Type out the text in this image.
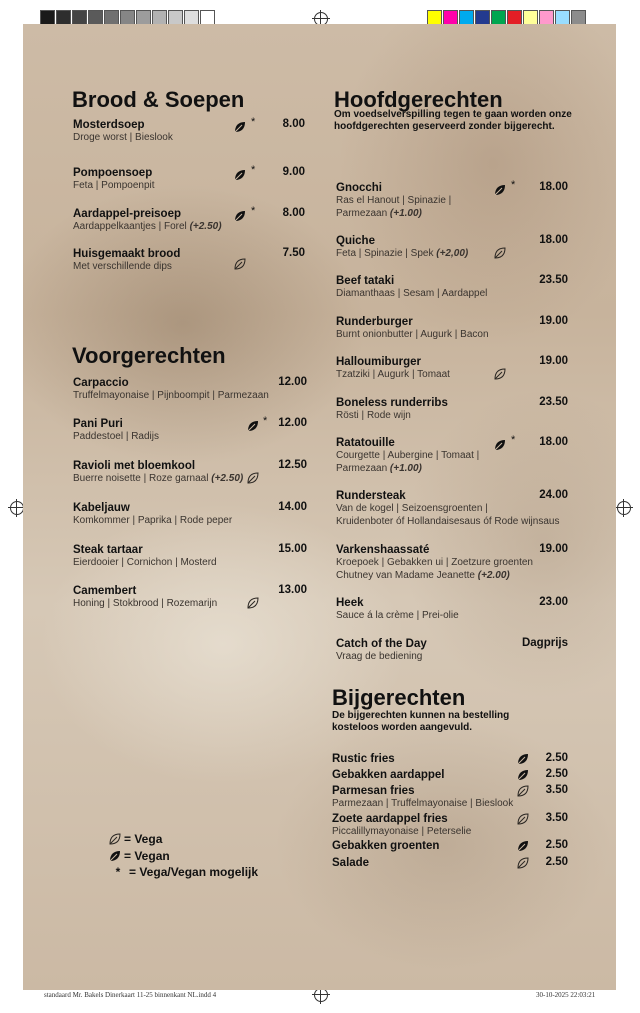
standaard Mr. Bakels Dinerkaart 11-25 binnenkant NL.indd 4	30-10-2025 22:03:21
Brood & Soepen
Mosterdsoep
Droge worst | Bieslook
8.00
*
Pompoensoep
Feta | Pompoenpit
9.00
*
Aardappel-preisoep
Aardappelkaantjes | Forel (+2.50)
8.00
*
Huisgemaakt brood
Met verschillende dips
7.50
Voorgerechten
Carpaccio
Truffelmayonaise | Pijnboompit | Parmezaan
12.00
Pani Puri
Paddestoel | Radijs
12.00
*
Ravioli met bloemkool
Buerre noisette | Roze garnaal (+2.50)
12.50
Kabeljauw
Komkommer | Paprika | Rode peper
14.00
Steak tartaar
Eierdooier | Cornichon | Mosterd
15.00
Camembert
Honing | Stokbrood | Rozemarijn
13.00
Hoofdgerechten
Om voedselverspilling tegen te gaan worden onze
hoofdgerechten geserveerd zonder bijgerecht.
Gnocchi
Ras el Hanout | Spinazie |
Parmezaan (+1.00)
18.00
*
Quiche
Feta | Spinazie | Spek (+2,00)
18.00
Beef tataki
Diamanthaas | Sesam | Aardappel
23.50
Runderburger
Burnt onionbutter | Augurk | Bacon
19.00
Halloumiburger
Tzatziki | Augurk | Tomaat
19.00
Boneless runderribs
Rösti | Rode wijn
23.50
Ratatouille
Courgette | Aubergine | Tomaat |
Parmezaan (+1.00)
18.00
*
Rundersteak
Van de kogel | Seizoensgroenten |
Kruidenboter óf Hollandaisesaus óf Rode wijnsaus
24.00
Varkenshaassaté
Kroepoek | Gebakken ui | Zoetzure groenten
Chutney van Madame Jeanette (+2.00)
19.00
Heek
Sauce á la crème | Prei-olie
23.00
Catch of the Day
Vraag de bediening
Dagprijs
Bijgerechten
De bijgerechten kunnen na bestelling
kosteloos worden aangevuld.
Rustic fries	2.50
Gebakken aardappel	2.50
Parmesan fries
Parmezaan | Truffelmayonaise | Bieslook
3.50
Zoete aardappel fries
Piccalillymayonaise | Peterselie
3.50
Gebakken groenten	2.50
Salade	2.50
= Vega
= Vegan
* = Vega/Vegan mogelijk
